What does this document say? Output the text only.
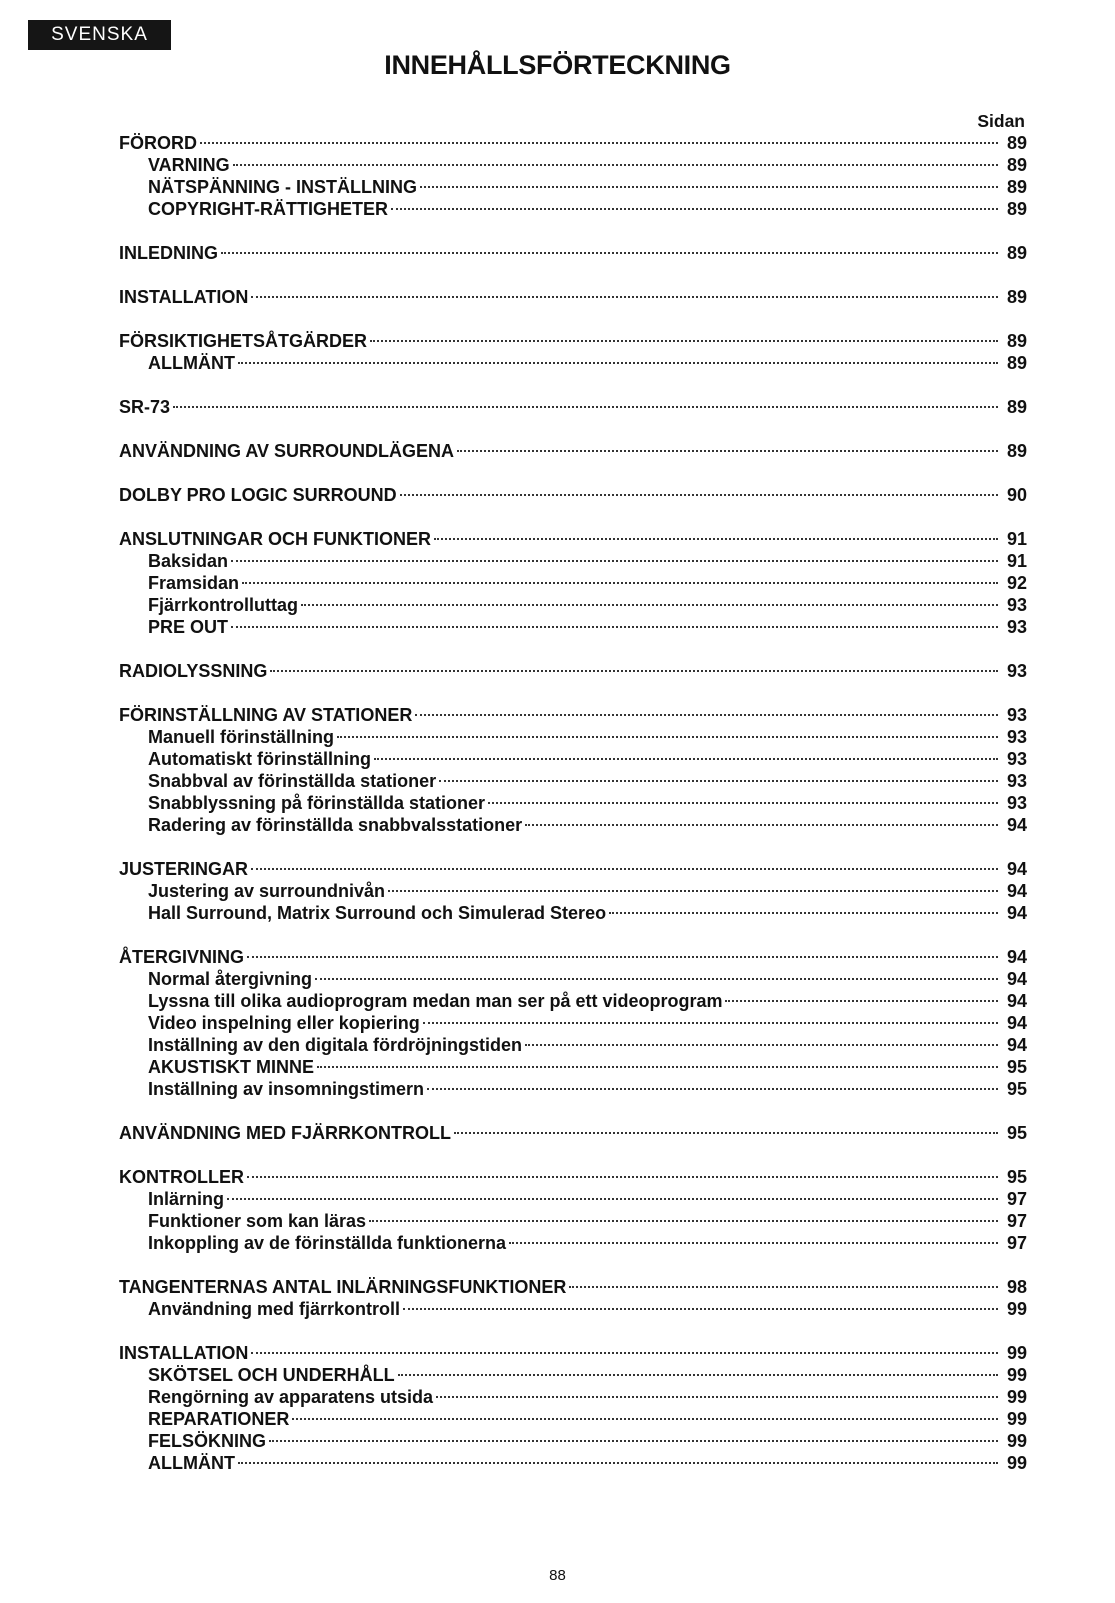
SVENSKA
INNEHÅLLSFÖRTECKNING
Sidan
FÖRORD	89
VARNING	89
NÄTSPÄNNING - INSTÄLLNING	89
COPYRIGHT-RÄTTIGHETER	89
INLEDNING	89
INSTALLATION	89
FÖRSIKTIGHETSÅTGÄRDER	89
ALLMÄNT	89
SR-73	89
ANVÄNDNING AV SURROUNDLÄGENA	89
DOLBY PRO LOGIC SURROUND	90
ANSLUTNINGAR OCH FUNKTIONER	91
Baksidan	91
Framsidan	92
Fjärrkontrolluttag	93
PRE OUT	93
RADIOLYSSNING	93
FÖRINSTÄLLNING AV STATIONER	93
Manuell förinställning	93
Automatiskt förinställning	93
Snabbval av förinställda stationer	93
Snabblyssning på förinställda stationer	93
Radering av förinställda snabbvalsstationer	94
JUSTERINGAR	94
Justering av surroundnivån	94
Hall Surround, Matrix Surround och Simulerad Stereo	94
ÅTERGIVNING	94
Normal återgivning	94
Lyssna till olika audioprogram medan man ser på ett videoprogram	94
Video inspelning eller kopiering	94
Inställning av den digitala fördröjningstiden	94
AKUSTISKT MINNE	95
Inställning av insomningstimern	95
ANVÄNDNING MED FJÄRRKONTROLL	95
KONTROLLER	95
Inlärning	97
Funktioner som kan läras	97
Inkoppling av de förinställda funktionerna	97
TANGENTERNAS ANTAL INLÄRNINGSFUNKTIONER	98
Användning med fjärrkontroll	99
INSTALLATION	99
SKÖTSEL OCH UNDERHÅLL	99
Rengörning av apparatens utsida	99
REPARATIONER	99
FELSÖKNING	99
ALLMÄNT	99
88
